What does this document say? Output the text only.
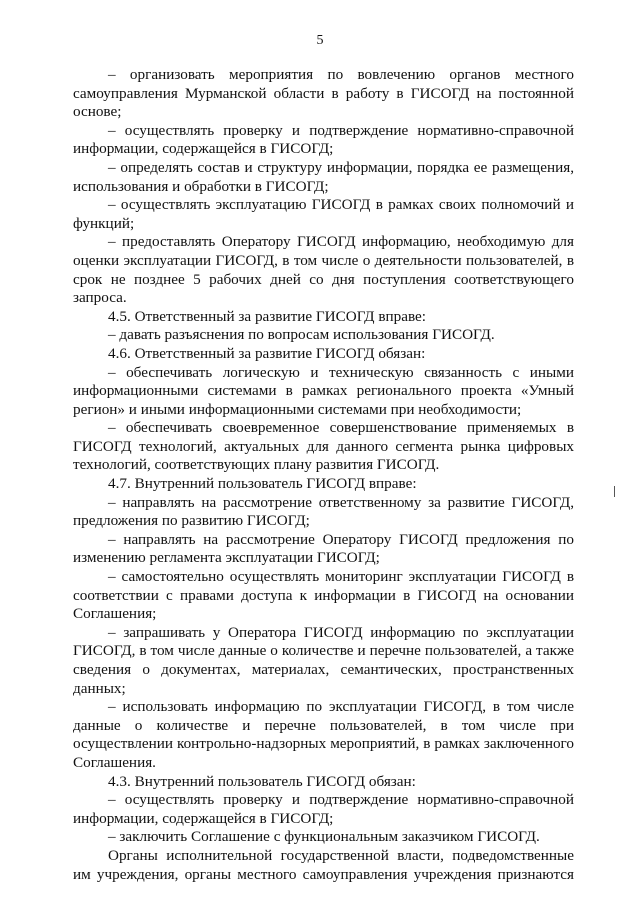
5

– организовать мероприятия по вовлечению органов местного самоуправления Мурманской области в работу в ГИСОГД на постоянной основе;

– осуществлять проверку и подтверждение нормативно-справочной информации, содержащейся в ГИСОГД;

– определять состав и структуру информации, порядка ее размещения, использования и обработки в ГИСОГД;

– осуществлять эксплуатацию ГИСОГД в рамках своих полномочий и функций;

– предоставлять Оператору ГИСОГД информацию, необходимую для оценки эксплуатации ГИСОГД, в том числе о деятельности пользователей, в срок не позднее 5 рабочих дней со дня поступления соответствующего запроса.

4.5. Ответственный за развитие ГИСОГД вправе:

– давать разъяснения по вопросам использования ГИСОГД.

4.6. Ответственный за развитие ГИСОГД обязан:

– обеспечивать логическую и техническую связанность с иными информационными системами в рамках регионального проекта «Умный регион» и иными информационными системами при необходимости;

– обеспечивать своевременное совершенствование применяемых в ГИСОГД технологий, актуальных для данного сегмента рынка цифровых технологий, соответствующих плану развития ГИСОГД.

4.7. Внутренний пользователь ГИСОГД вправе:

– направлять на рассмотрение ответственному за развитие ГИСОГД, предложения по развитию ГИСОГД;

– направлять на рассмотрение Оператору ГИСОГД предложения по изменению регламента эксплуатации ГИСОГД;

– самостоятельно осуществлять мониторинг эксплуатации ГИСОГД в соответствии с правами доступа к информации в ГИСОГД на основании Соглашения;

– запрашивать у Оператора ГИСОГД информацию по эксплуатации ГИСОГД, в том числе данные о количестве и перечне пользователей, а также сведения о документах, материалах, семантических, пространственных данных;

– использовать информацию по эксплуатации ГИСОГД, в том числе данные о количестве и перечне пользователей, в том числе при осуществлении контрольно-надзорных мероприятий, в рамках заключенного Соглашения.

4.3. Внутренний пользователь ГИСОГД обязан:

– осуществлять проверку и подтверждение нормативно-справочной информации, содержащейся в ГИСОГД;

– заключить Соглашение с функциональным заказчиком ГИСОГД.

Органы исполнительной государственной власти, подведомственные им учреждения, органы местного самоуправления учреждения признаются
